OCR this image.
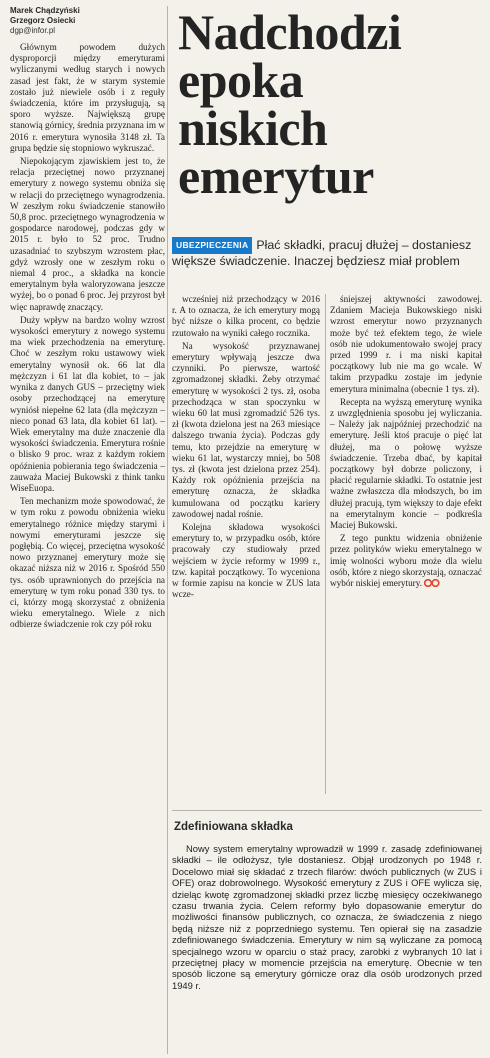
Marek Chądzyński

Grzegorz Osiecki

dgp@infor.pl

Głównym powodem dużych dysproporcji między emeryturami wyliczanymi według starych i nowych zasad jest fakt, że w starym systemie zostało już niewiele osób i z reguły świadczenia, które im przysługują, są sporo wyższe. Największą grupę stanowią górnicy, średnia przyznana im w 2016 r. emerytura wynosiła 3148 zł. Ta grupa będzie się stopniowo wykruszać.

Niepokojącym zjawiskiem jest to, że relacja przeciętnej nowo przyznanej emerytury z nowego systemu obniża się w relacji do przeciętnego wynagrodzenia. W zeszłym roku świadczenie stanowiło 50,8 proc. przeciętnego wynagrodzenia w gospodarce narodowej, podczas gdy w 2015 r. było to 52 proc. Trudno uzasadniać to szybszym wzrostem płac, gdyż wzrosły one w zeszłym roku o niemal 4 proc., a składka na koncie emerytalnym była waloryzowana jeszcze wyżej, bo o ponad 6 proc. Jej przyrost był więc naprawdę znaczący.

Duży wpływ na bardzo wolny wzrost wysokości emerytury z nowego systemu ma wiek przechodzenia na emeryturę. Choć w zeszłym roku ustawowy wiek emerytalny wynosił ok. 66 lat dla mężczyzn i 61 lat dla kobiet, to – jak wynika z danych GUS – przeciętny wiek osoby przechodzącej na emeryturę wyniósł niepełne 62 lata (dla mężczyzn – nieco ponad 63 lata, dla kobiet 61 lat). – Wiek emerytalny ma duże znaczenie dla wysokości świadczenia. Emerytura rośnie o blisko 9 proc. wraz z każdym rokiem opóźnienia pobierania tego świadczenia – zauważa Maciej Bukowski z think tanku WiseEuopa.

Ten mechanizm może spowodować, że w tym roku z powodu obniżenia wieku emerytalnego różnice między starymi i nowymi emeryturami jeszcze się pogłębią. Co więcej, przeciętna wysokość nowo przyznanej emerytury może się okazać niższa niż w 2016 r. Spośród 550 tys. osób uprawnionych do przejścia na emeryturę w tym roku ponad 330 tys. to ci, którzy mogą skorzystać z obniżenia wieku emerytalnego. Wiele z nich odbierze świadczenie rok czy pół roku

Nadchodzi
epoka
niskich
emerytur

UBEZPIECZENIA Płać składki, pracuj dłużej – dostaniesz większe świadczenie. Inaczej będziesz miał problem

wcześniej niż przechodzący w 2016 r. A to oznacza, że ich emerytury mogą być niższe o kilka procent, co będzie rzutowało na wyniki całego rocznika.

Na wysokość przyznawanej emerytury wpływają jeszcze dwa czynniki. Po pierwsze, wartość zgromadzonej składki. Żeby otrzymać emeryturę w wysokości 2 tys. zł, osoba przechodząca w stan spoczynku w wieku 60 lat musi zgromadzić 526 tys. zł (kwota dzielona jest na 263 miesiące dalszego trwania życia). Podczas gdy temu, kto przejdzie na emeryturę w wieku 61 lat, wystarczy mniej, bo 508 tys. zł (kwota jest dzielona przez 254). Każdy rok opóźnienia przejścia na emeryturę oznacza, że składka kumulowana od początku kariery zawodowej nadal rośnie.

Kolejna składowa wysokości emerytury to, w przypadku osób, które pracowały czy studiowały przed wejściem w życie reformy w 1999 r., tzw. kapitał początkowy. To wyceniona w formie zapisu na koncie w ZUS lata wcze-

śniejszej aktywności zawodowej. Zdaniem Macieja Bukowskiego niski wzrost emerytur nowo przyznanych może być też efektem tego, że wiele osób nie udokumentowało swojej pracy przed 1999 r. i ma niski kapitał początkowy lub nie ma go wcale. W takim przypadku zostaje im jedynie emerytura minimalna (obecnie 1 tys. zł).

Recepta na wyższą emeryturę wynika z uwzględnienia sposobu jej wyliczania. – Należy jak najpóźniej przechodzić na emeryturę. Jeśli ktoś pracuje o pięć lat dłużej, ma o połowę wyższe świadczenie. Trzeba dbać, by kapitał początkowy był dobrze policzony, i płacić regularnie składki. To ostatnie jest ważne zwłaszcza dla młodszych, bo im dłużej pracują, tym większy to daje efekt na emerytalnym koncie – podkreśla Maciej Bukowski.

Z tego punktu widzenia obniżenie przez polityków wieku emerytalnego w imię wolności wyboru może dla wielu osób, które z niego skorzystają, oznaczać wybór niskiej emerytury.

Zdefiniowana składka

Nowy system emerytalny wprowadził w 1999 r. zasadę zdefiniowanej składki – ile odłożysz, tyle dostaniesz. Objął urodzonych po 1948 r. Docelowo miał się składać z trzech filarów: dwóch publicznych (w ZUS i OFE) oraz dobrowolnego. Wysokość emerytury z ZUS i OFE wylicza się, dzieląc kwotę zgromadzonej składki przez liczbę miesięcy oczekiwanego czasu trwania życia. Celem reformy było dopasowanie emerytur do możliwości finansów publicznych, co oznacza, że świadczenia z niego będą niższe niż z poprzedniego systemu. Ten opierał się na zasadzie zdefiniowanego świadczenia. Emerytury w nim są wyliczane za pomocą specjalnego wzoru w oparciu o staż pracy, zarobki z wybranych 10 lat i przeciętnej płacy w momencie przejścia na emeryturę. Obecnie w ten sposób liczone są emerytury górnicze oraz dla osób urodzonych przed 1949 r.
